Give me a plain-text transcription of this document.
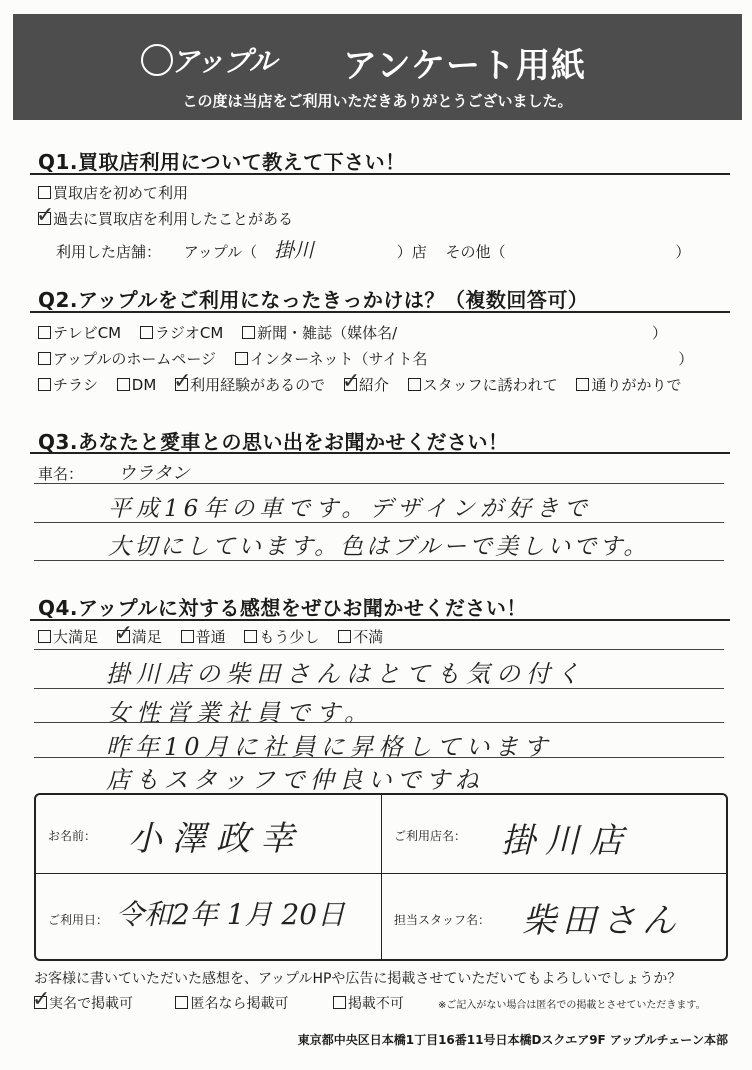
アップル アンケート用紙
この度は当店をご利用いただきありがとうございました。
Q1.買取店利用について教えて下さい！
買取店を初めて利用
✓過去に買取店を利用したことがある
利用した店舗： アップル（ 掛川	）店 その他（	）
Q2.アップルをご利用になったきっかけは？（複数回答可）
テレビCM ラジオCM 新聞・雑誌（媒体名/	）
アップルのホームページ インターネット（サイト名	）
チラシ DM ✓ 利用経験があるので ✓ 紹介 スタッフに誘われて 通りがかりで
Q3.あなたと愛車との思い出をお聞かせください！
車名： ウラタン
平成16年の車です。デザインが好きで
大切にしています。色はブルーで美しいです。
Q4.アップルに対する感想をぜひお聞かせください！
大満足 ✓ 満足 普通 もう少し 不満
掛川店の柴田さんはとても気の付く
女性営業社員です。
昨年10月に社員に昇格しています
店もスタッフで仲良いですね
お名前： 小澤政幸	ご利用店名： 掛川店
ご利用日： 令和2年 1月 20日	担当スタッフ名： 柴田さん
お客様に書いていただいた感想を、アップルHPや広告に掲載させていただいてもよろしいでしょうか？
✓実名で掲載可	匿名なら掲載可	掲載不可	※ご記入がない場合は匿名での掲載とさせていただきます。
東京都中央区日本橋1丁目16番11号日本橋Dスクエア9F アップルチェーン本部
